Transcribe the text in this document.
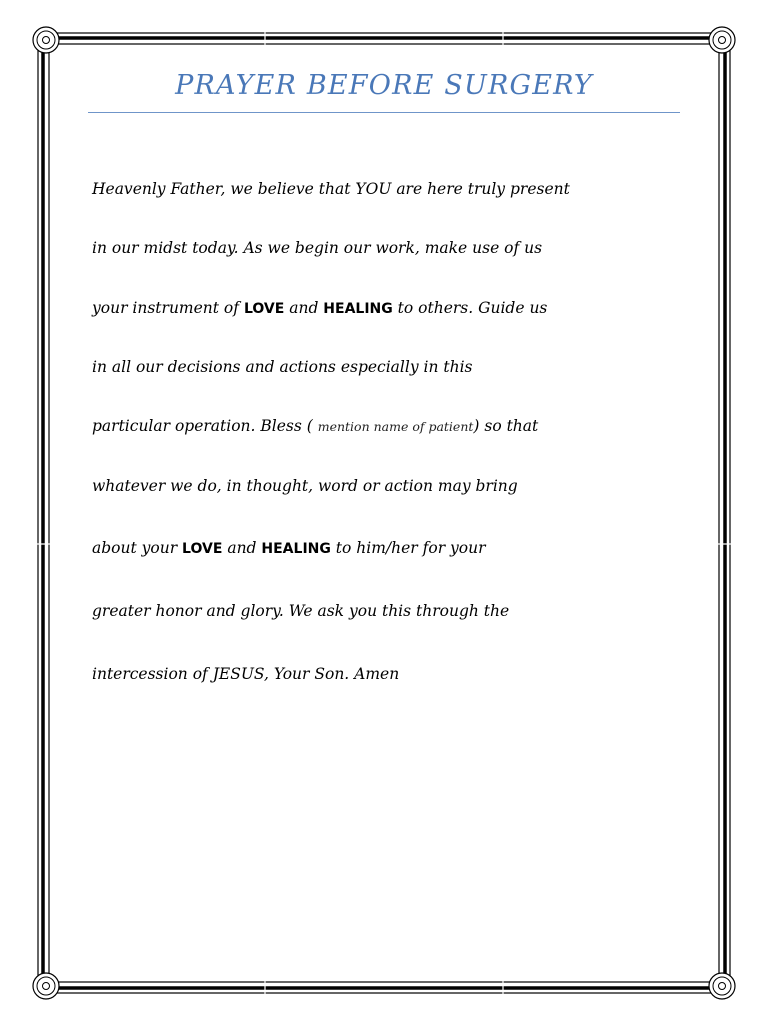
PRAYER BEFORE SURGERY

Heavenly Father, we believe that YOU are here truly present

in our midst today. As we begin our work, make use of us

your instrument of LOVE and HEALING to others. Guide us

in all our decisions and actions especially in this

particular operation. Bless ( mention name of patient) so that

whatever we do, in thought, word or action may bring

about your LOVE and HEALING to him/her for your

greater honor and glory. We ask you this through the

intercession of JESUS, Your Son. Amen
